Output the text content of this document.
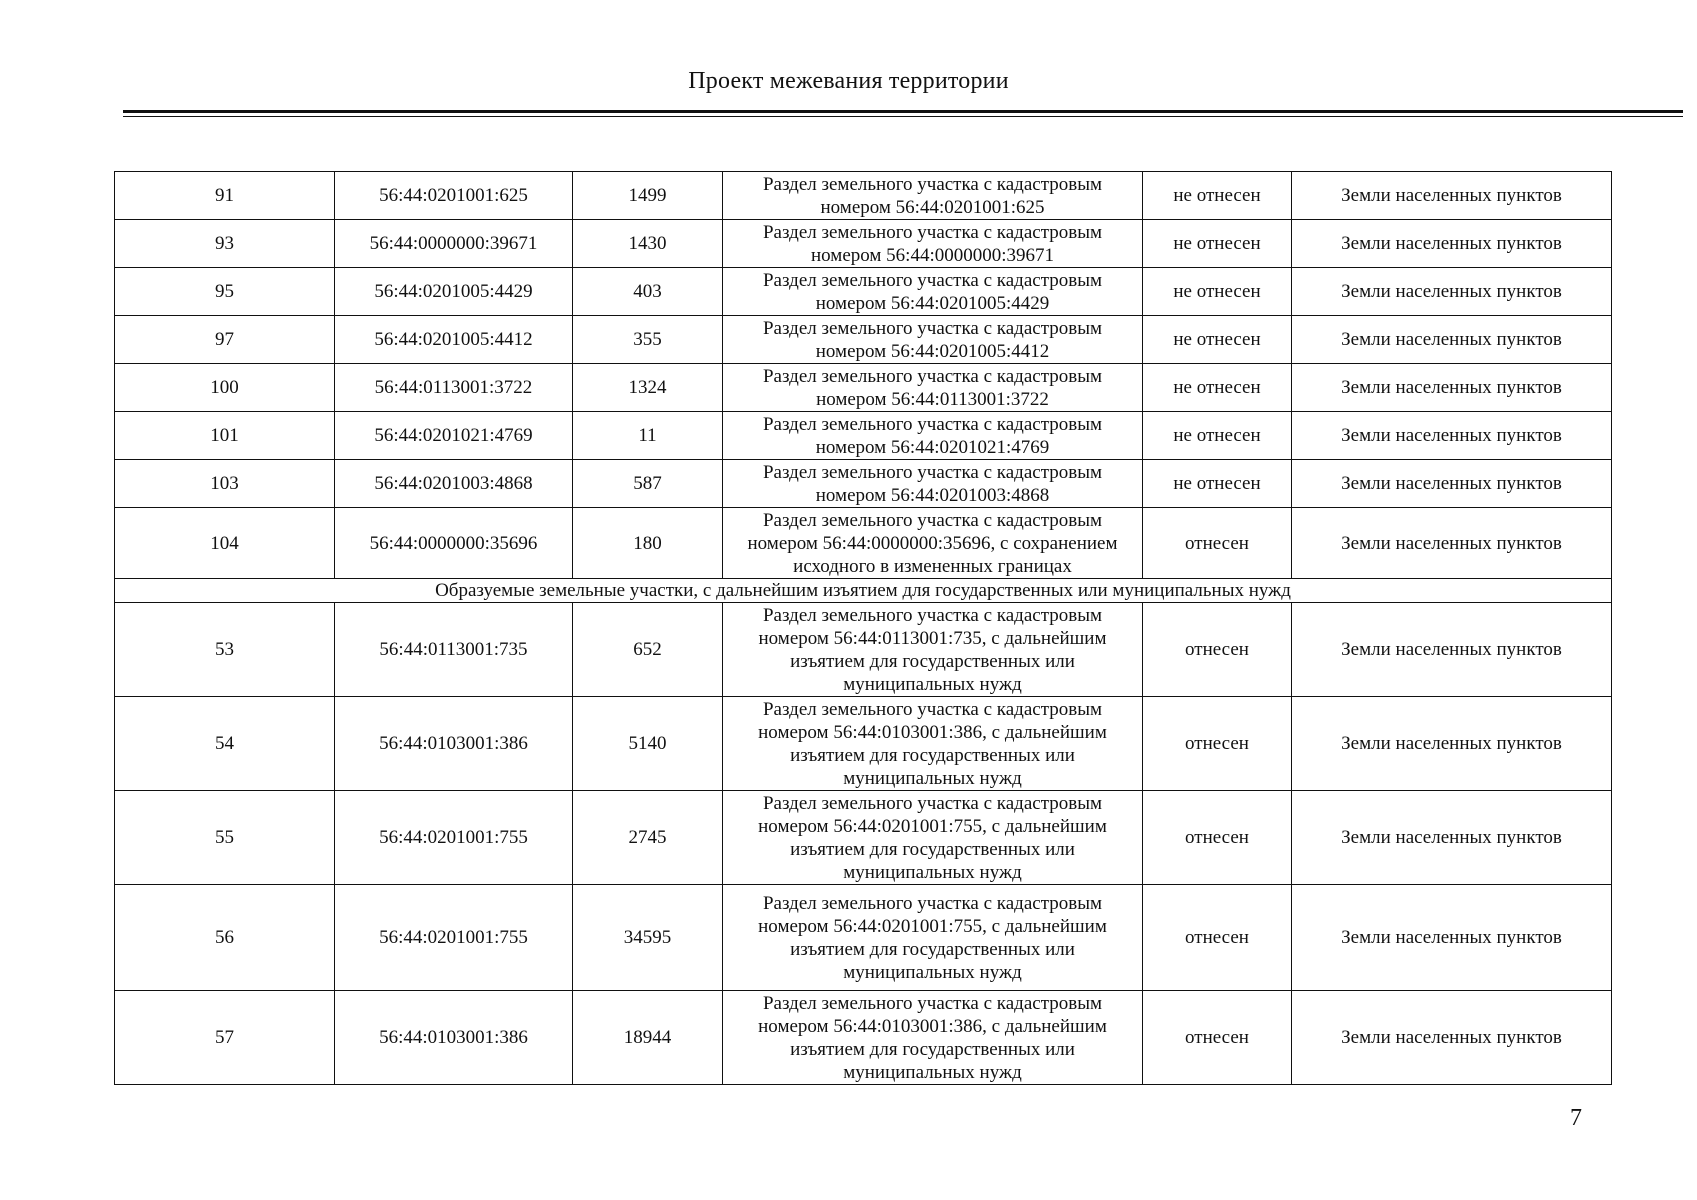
Проект межевания территории
91	56:44:0201001:625	1499	Раздел земельного участка с кадастровым номером 56:44:0201001:625	не отнесен	Земли населенных пунктов
93	56:44:0000000:39671	1430	Раздел земельного участка с кадастровым номером 56:44:0000000:39671	не отнесен	Земли населенных пунктов
95	56:44:0201005:4429	403	Раздел земельного участка с кадастровым номером 56:44:0201005:4429	не отнесен	Земли населенных пунктов
97	56:44:0201005:4412	355	Раздел земельного участка с кадастровым номером 56:44:0201005:4412	не отнесен	Земли населенных пунктов
100	56:44:0113001:3722	1324	Раздел земельного участка с кадастровым номером 56:44:0113001:3722	не отнесен	Земли населенных пунктов
101	56:44:0201021:4769	11	Раздел земельного участка с кадастровым номером 56:44:0201021:4769	не отнесен	Земли населенных пунктов
103	56:44:0201003:4868	587	Раздел земельного участка с кадастровым номером 56:44:0201003:4868	не отнесен	Земли населенных пунктов
104	56:44:0000000:35696	180	Раздел земельного участка с кадастровым номером 56:44:0000000:35696, с сохранением исходного в измененных границах	отнесен	Земли населенных пунктов
Образуемые земельные участки, с дальнейшим изъятием для государственных или муниципальных нужд					
53	56:44:0113001:735	652	Раздел земельного участка с кадастровым номером 56:44:0113001:735, с дальнейшим изъятием для государственных или муниципальных нужд	отнесен	Земли населенных пунктов
54	56:44:0103001:386	5140	Раздел земельного участка с кадастровым номером 56:44:0103001:386, с дальнейшим изъятием для государственных или муниципальных нужд	отнесен	Земли населенных пунктов
55	56:44:0201001:755	2745	Раздел земельного участка с кадастровым номером 56:44:0201001:755, с дальнейшим изъятием для государственных или муниципальных нужд	отнесен	Земли населенных пунктов
56	56:44:0201001:755	34595	Раздел земельного участка с кадастровым номером 56:44:0201001:755, с дальнейшим изъятием для государственных или муниципальных нужд	отнесен	Земли населенных пунктов
57	56:44:0103001:386	18944	Раздел земельного участка с кадастровым номером 56:44:0103001:386, с дальнейшим изъятием для государственных или муниципальных нужд	отнесен	Земли населенных пунктов
7
